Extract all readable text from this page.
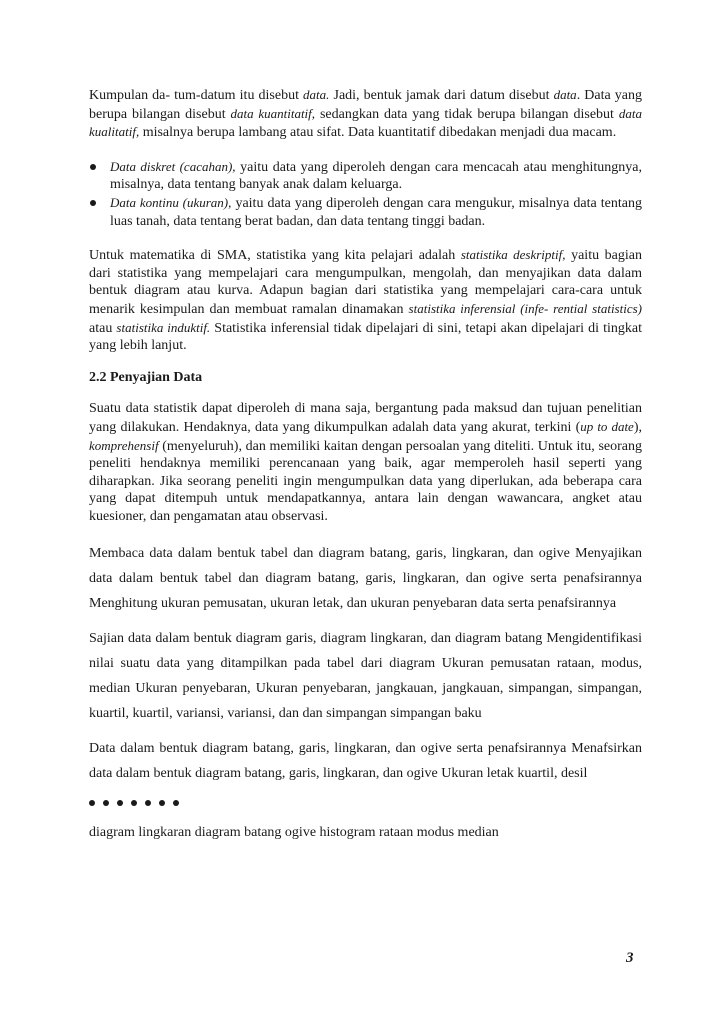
Kumpulan da- tum-datum itu disebut data. Jadi, bentuk jamak dari datum disebut data. Data yang berupa bilangan disebut data kuantitatif, sedangkan data yang tidak berupa bilangan disebut data kualitatif, misalnya berupa lambang atau sifat. Data kuantitatif dibedakan menjadi dua macam.

Data diskret (cacahan), yaitu data yang diperoleh dengan cara mencacah atau menghitungnya, misalnya, data tentang banyak anak dalam keluarga.
Data kontinu (ukuran), yaitu data yang diperoleh dengan cara mengukur, misalnya data tentang luas tanah, data tentang berat badan, dan data tentang tinggi badan.

Untuk matematika di SMA, statistika yang kita pelajari adalah statistika deskriptif, yaitu bagian dari statistika yang mempelajari cara mengumpulkan, mengolah, dan menyajikan data dalam bentuk diagram atau kurva. Adapun bagian dari statistika yang mempelajari cara-cara untuk menarik kesimpulan dan membuat ramalan dinamakan statistika inferensial (infe- rential statistics) atau statistika induktif. Statistika inferensial tidak dipelajari di sini, tetapi akan dipelajari di tingkat yang lebih lanjut.

2.2 Penyajian Data

Suatu data statistik dapat diperoleh di mana saja, bergantung pada maksud dan tujuan penelitian yang dilakukan. Hendaknya, data yang dikumpulkan adalah data yang akurat, terkini (up to date), komprehensif (menyeluruh), dan memiliki kaitan dengan persoalan yang diteliti. Untuk itu, seorang peneliti hendaknya memiliki perencanaan yang baik, agar memperoleh hasil seperti yang diharapkan. Jika seorang peneliti ingin mengumpulkan data yang diperlukan, ada beberapa cara yang dapat ditempuh untuk mendapatkannya, antara lain dengan wawancara, angket atau kuesioner, dan pengamatan atau observasi.

Membaca data dalam bentuk tabel dan diagram batang, garis, lingkaran, dan ogive Menyajikan data dalam bentuk tabel dan diagram batang, garis, lingkaran, dan ogive serta penafsirannya Menghitung ukuran pemusatan, ukuran letak, dan ukuran penyebaran data serta penafsirannya

Sajian data dalam bentuk diagram garis, diagram lingkaran, dan diagram batang Mengidentifikasi nilai suatu data yang ditampilkan pada tabel dari diagram Ukuran pemusatan rataan, modus, median Ukuran penyebaran, Ukuran penyebaran, jangkauan, jangkauan, simpangan, simpangan, kuartil, kuartil, variansi, variansi, dan dan simpangan simpangan baku

Data dalam bentuk diagram batang, garis, lingkaran, dan ogive serta penafsirannya Menafsirkan data dalam bentuk diagram batang, garis, lingkaran, dan ogive Ukuran letak kuartil, desil

diagram lingkaran diagram batang ogive histogram rataan modus median

3
